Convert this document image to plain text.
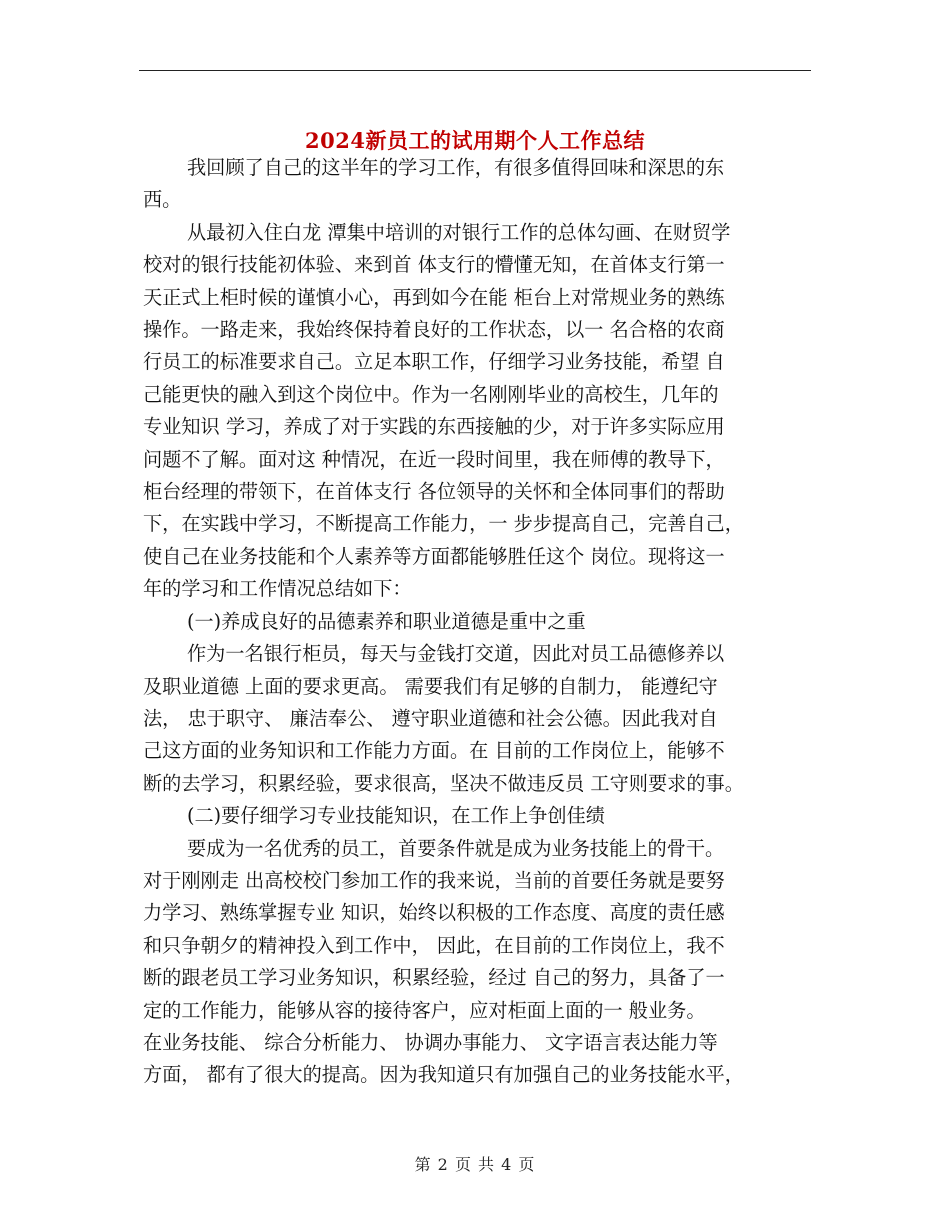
2024新员工的试用期个人工作总结

我回顾了自己的这半年的学习工作，有很多值得回味和深思的东

西。

从最初入住白龙 潭集中培训的对银行工作的总体勾画、在财贸学

校对的银行技能初体验、来到首 体支行的懵懂无知，在首体支行第一

天正式上柜时候的谨慎小心，再到如今在能 柜台上对常规业务的熟练

操作。一路走来，我始终保持着良好的工作状态，以一 名合格的农商

行员工的标准要求自己。立足本职工作，仔细学习业务技能，希望 自

己能更快的融入到这个岗位中。作为一名刚刚毕业的高校生，几年的

专业知识 学习，养成了对于实践的东西接触的少，对于许多实际应用

问题不了解。面对这 种情况，在近一段时间里，我在师傅的教导下，

柜台经理的带领下，在首体支行 各位领导的关怀和全体同事们的帮助

下，在实践中学习，不断提高工作能力，一 步步提高自己，完善自己，

使自己在业务技能和个人素养等方面都能够胜任这个 岗位。现将这一

年的学习和工作情况总结如下：

(一)养成良好的品德素养和职业道德是重中之重

作为一名银行柜员，每天与金钱打交道，因此对员工品德修养以

及职业道德 上面的要求更高。 需要我们有足够的自制力， 能遵纪守

法， 忠于职守、 廉洁奉公、 遵守职业道德和社会公德。因此我对自

己这方面的业务知识和工作能力方面。在 目前的工作岗位上，能够不

断的去学习，积累经验，要求很高，坚决不做违反员 工守则要求的事。

(二)要仔细学习专业技能知识，在工作上争创佳绩

要成为一名优秀的员工，首要条件就是成为业务技能上的骨干。

对于刚刚走 出高校校门参加工作的我来说，当前的首要任务就是要努

力学习、熟练掌握专业 知识，始终以积极的工作态度、高度的责任感

和只争朝夕的精神投入到工作中， 因此，在目前的工作岗位上，我不

断的跟老员工学习业务知识，积累经验，经过 自己的努力，具备了一

定的工作能力，能够从容的接待客户，应对柜面上面的一 般业务。

在业务技能、 综合分析能力、 协调办事能力、 文字语言表达能力等

方面， 都有了很大的提高。因为我知道只有加强自己的业务技能水平，

第 2 页 共 4 页
